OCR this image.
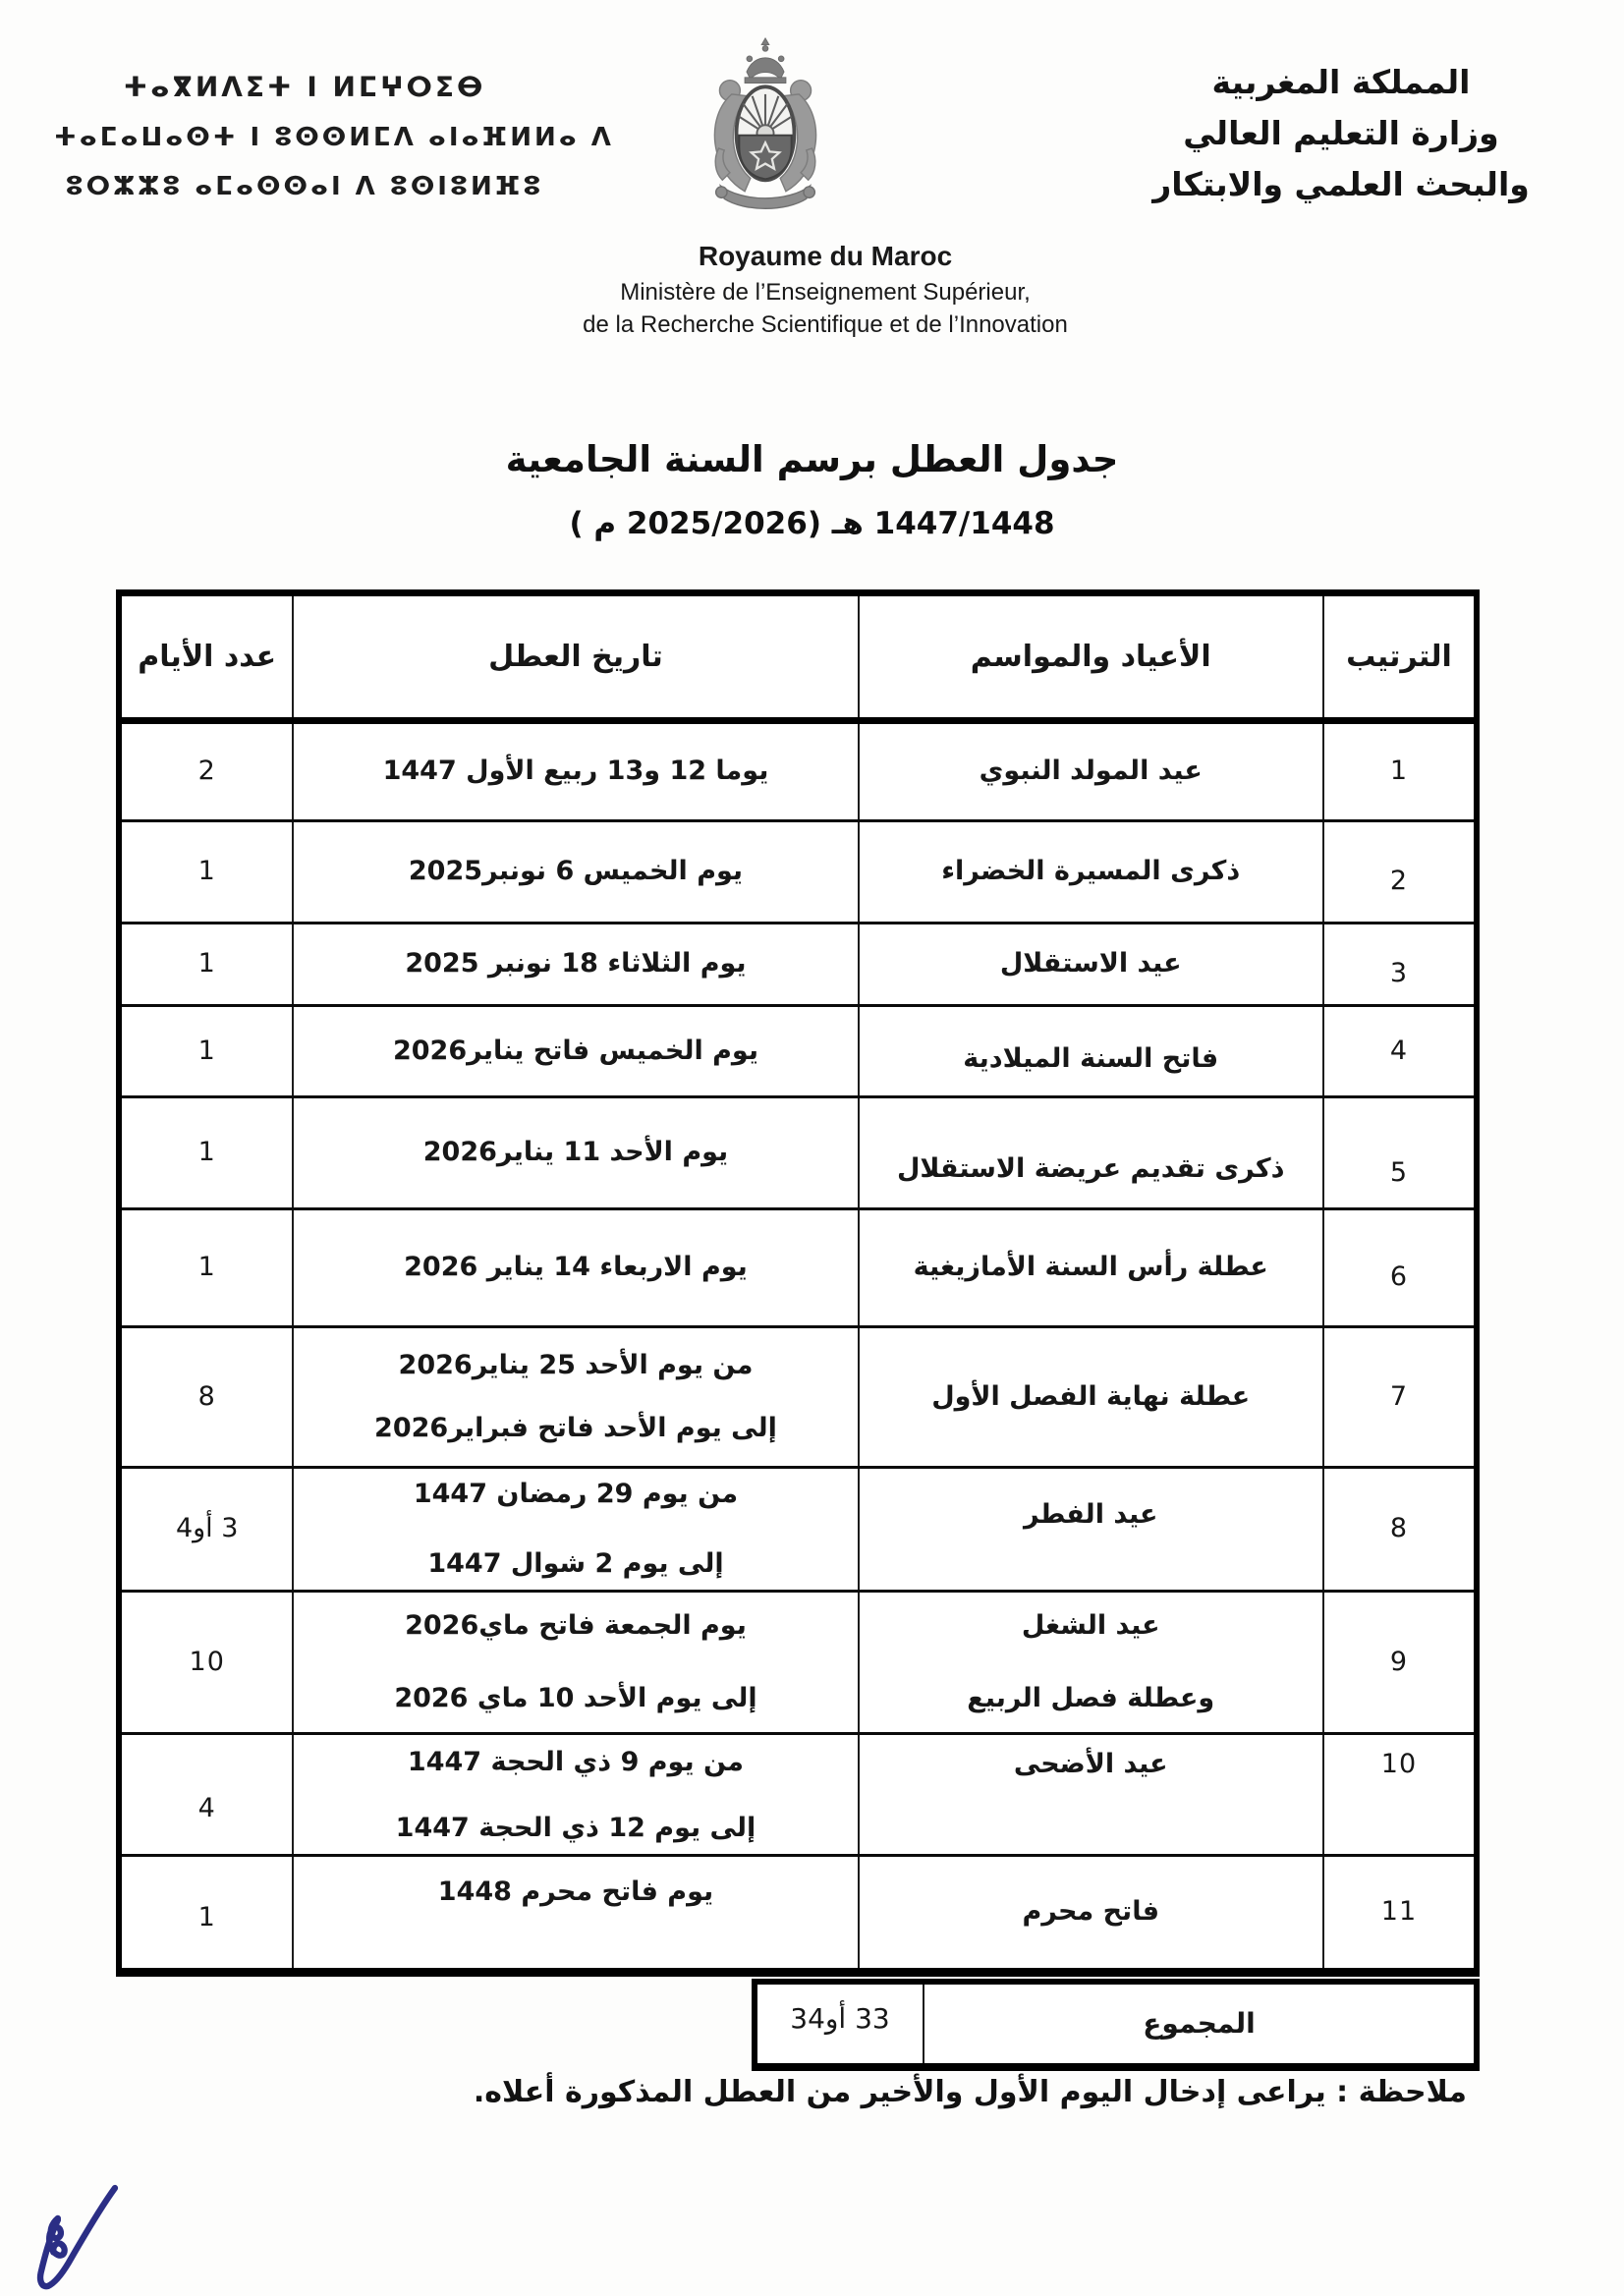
ⵜⴰⴳⵍⴷⵉⵜ ⵏ ⵍⵎⵖⵔⵉⴱ
ⵜⴰⵎⴰⵡⴰⵙⵜ ⵏ ⵓⵙⵙⵍⵎⴷ ⴰⵏⴰⴼⵍⵍⴰ ⴷ
ⵓⵔⵣⵣⵓ ⴰⵎⴰⵙⵙⴰⵏ ⴷ ⵓⵙⵏⵓⵍⴼⵓ
Royaume du Maroc
Ministère de l’Enseignement Supérieur,
de la Recherche Scientifique et de l’Innovation
المملكة المغربية
وزارة التعليم العالي
والبحث العلمي والابتكار
جدول العطل برسم السنة الجامعية
1447/1448 هـ (2025/2026 م )
الترتيب
الأعياد والمواسم
تاريخ العطل
عدد الأيام
1
عيد المولد النبوي
يوما 12 و13 ربيع الأول 1447
2
2
ذكرى المسيرة الخضراء
يوم الخميس 6 نونبر2025
1
3
عيد الاستقلال
يوم الثلاثاء 18 نونبر 2025
1
4
فاتح السنة الميلادية
يوم الخميس فاتح يناير2026
1
5
ذكرى تقديم عريضة الاستقلال
يوم الأحد 11 يناير2026
1
6
عطلة رأس السنة الأمازيغية
يوم الاربعاء 14 يناير 2026
1
7
عطلة نهاية الفصل الأول
من يوم الأحد 25 يناير2026
إلى يوم الأحد فاتح فبراير2026
8
8
عيد الفطر
من يوم 29 رمضان 1447
إلى يوم 2 شوال 1447
3 أو4
9
عيد الشغل
وعطلة فصل الربيع
يوم الجمعة فاتح ماي2026
إلى يوم الأحد 10 ماي 2026
10
10
عيد الأضحى
من يوم 9 ذي الحجة 1447
إلى يوم 12 ذي الحجة 1447
4
11
فاتح محرم
يوم فاتح محرم 1448
1
المجموع
33 أو34
ملاحظة : يراعى إدخال اليوم الأول والأخير من العطل المذكورة أعلاه.
